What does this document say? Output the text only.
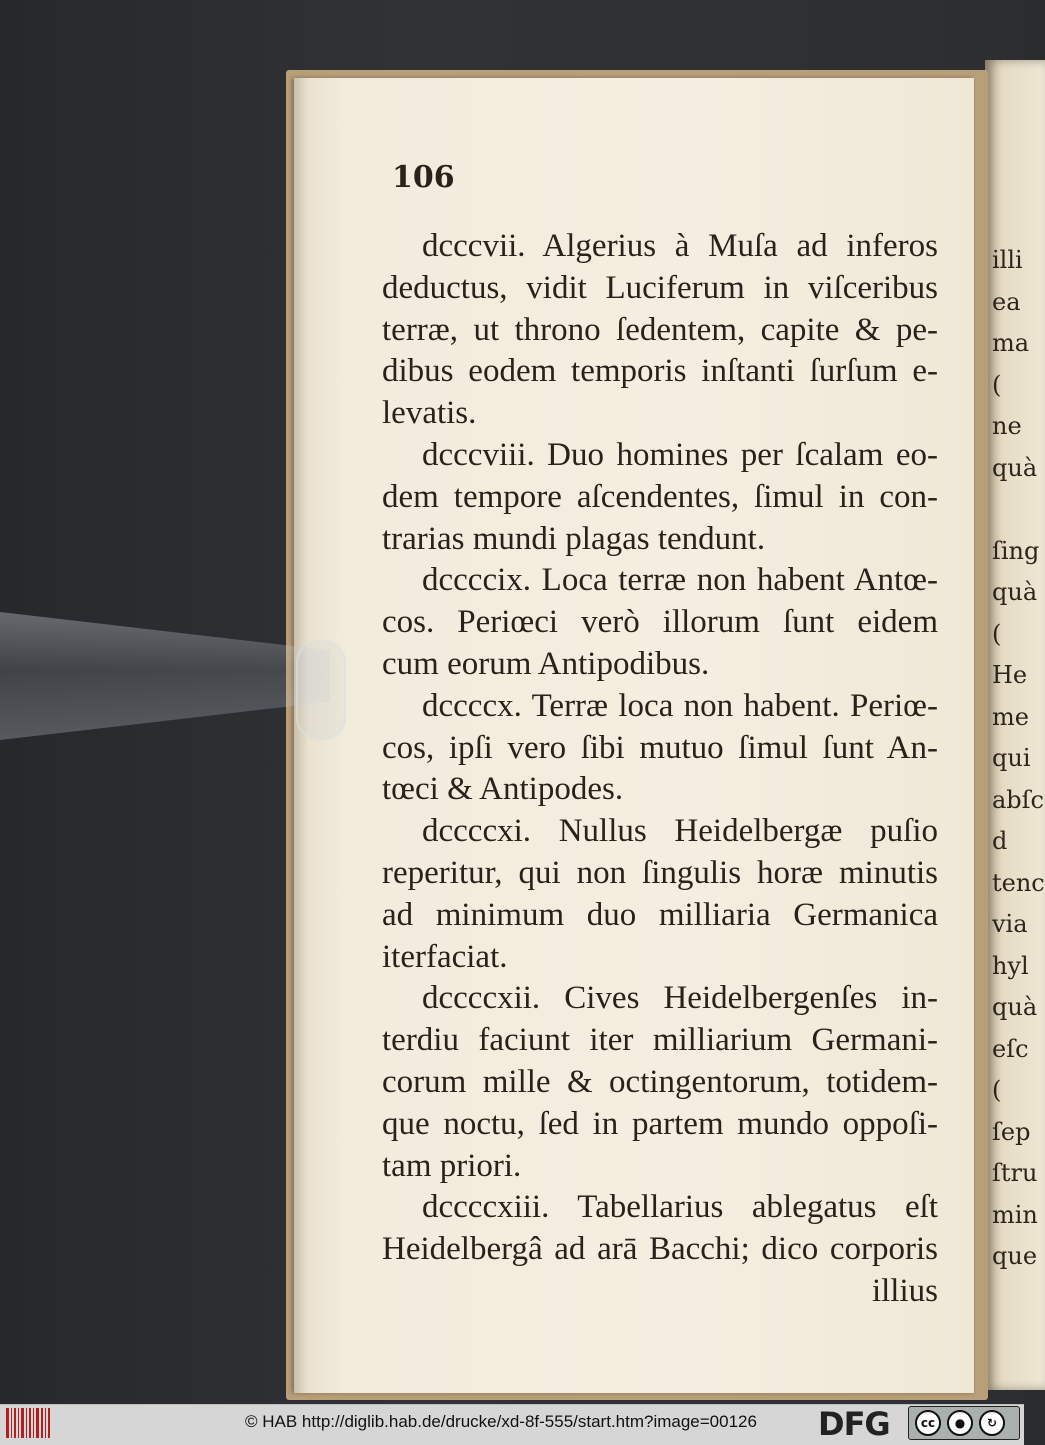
illi
ea
ma
(
ne
quà

ſing
quà
(
He
me
qui
abſc
d
tenc
via
hyl
quà
eſc
(
ſep
ſtru
min
que
106
dcccvii. Algerius à Muſa ad inferos
deductus, vidit Luciferum in viſceribus
terræ, ut throno ſedentem, capite & pe-
dibus eodem temporis inſtanti ſurſum e-
levatis.
dcccviii. Duo homines per ſcalam eo-
dem tempore aſcendentes, ſimul in con-
trarias mundi plagas tendunt.
dccccix. Loca terræ non habent Antœ-
cos. Periœci verò illorum ſunt eidem
cum eorum Antipodibus.
dccccx. Terræ loca non habent. Periœ-
cos, ipſi vero ſibi mutuo ſimul ſunt An-
tœci & Antipodes.
dccccxi. Nullus Heidelbergæ puſio
reperitur, qui non ſingulis horæ minutis
ad minimum duo milliaria Germanica
iterfaciat.
dccccxii. Cives Heidelbergenſes in-
terdiu faciunt iter milliarium Germani-
corum mille & octingentorum, totidem-
que noctu, ſed in partem mundo oppoſi-
tam priori.
dccccxiii. Tabellarius ablegatus eſt
Heidelbergâ ad arā Bacchi; dico corporis
illius
© HAB http://diglib.hab.de/drucke/xd-8f-555/start.htm?image=00126 DFG	cc	●	↻
